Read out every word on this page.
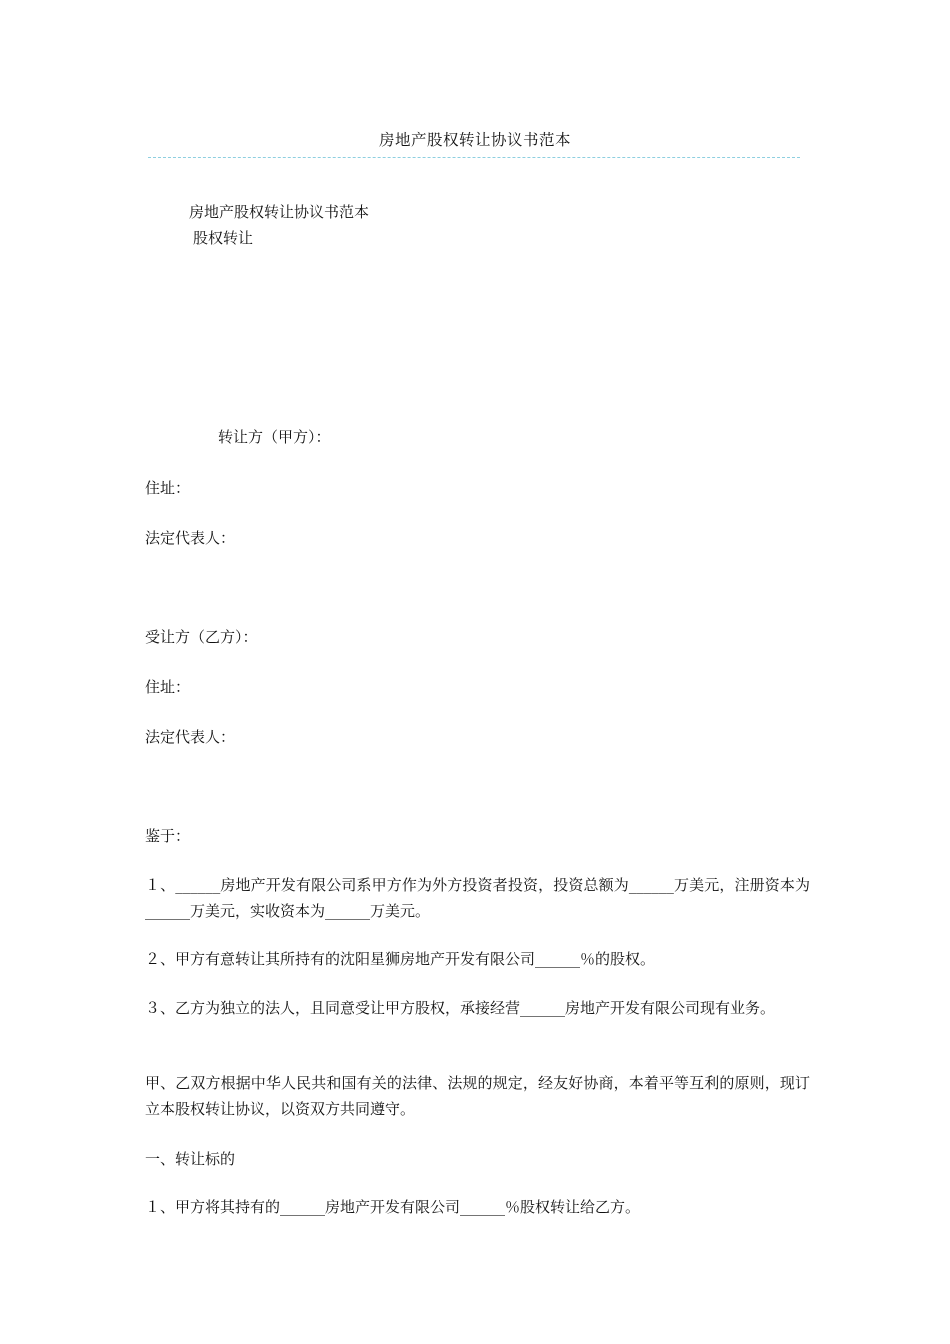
房地产股权转让协议书范本
房地产股权转让协议书范本
股权转让
转让方（甲方）：
住址：
法定代表人：
受让方（乙方）：
住址：
法定代表人：
鉴于：
１、______房地产开发有限公司系甲方作为外方投资者投资，投资总额为______万美元，注册资本为______万美元，实收资本为______万美元。
２、甲方有意转让其所持有的沈阳星狮房地产开发有限公司______％的股权。
３、乙方为独立的法人，且同意受让甲方股权，承接经营______房地产开发有限公司现有业务。
甲、乙双方根据中华人民共和国有关的法律、法规的规定，经友好协商，本着平等互利的原则，现订立本股权转让协议，以资双方共同遵守。
一、转让标的
１、甲方将其持有的______房地产开发有限公司______％股权转让给乙方。
